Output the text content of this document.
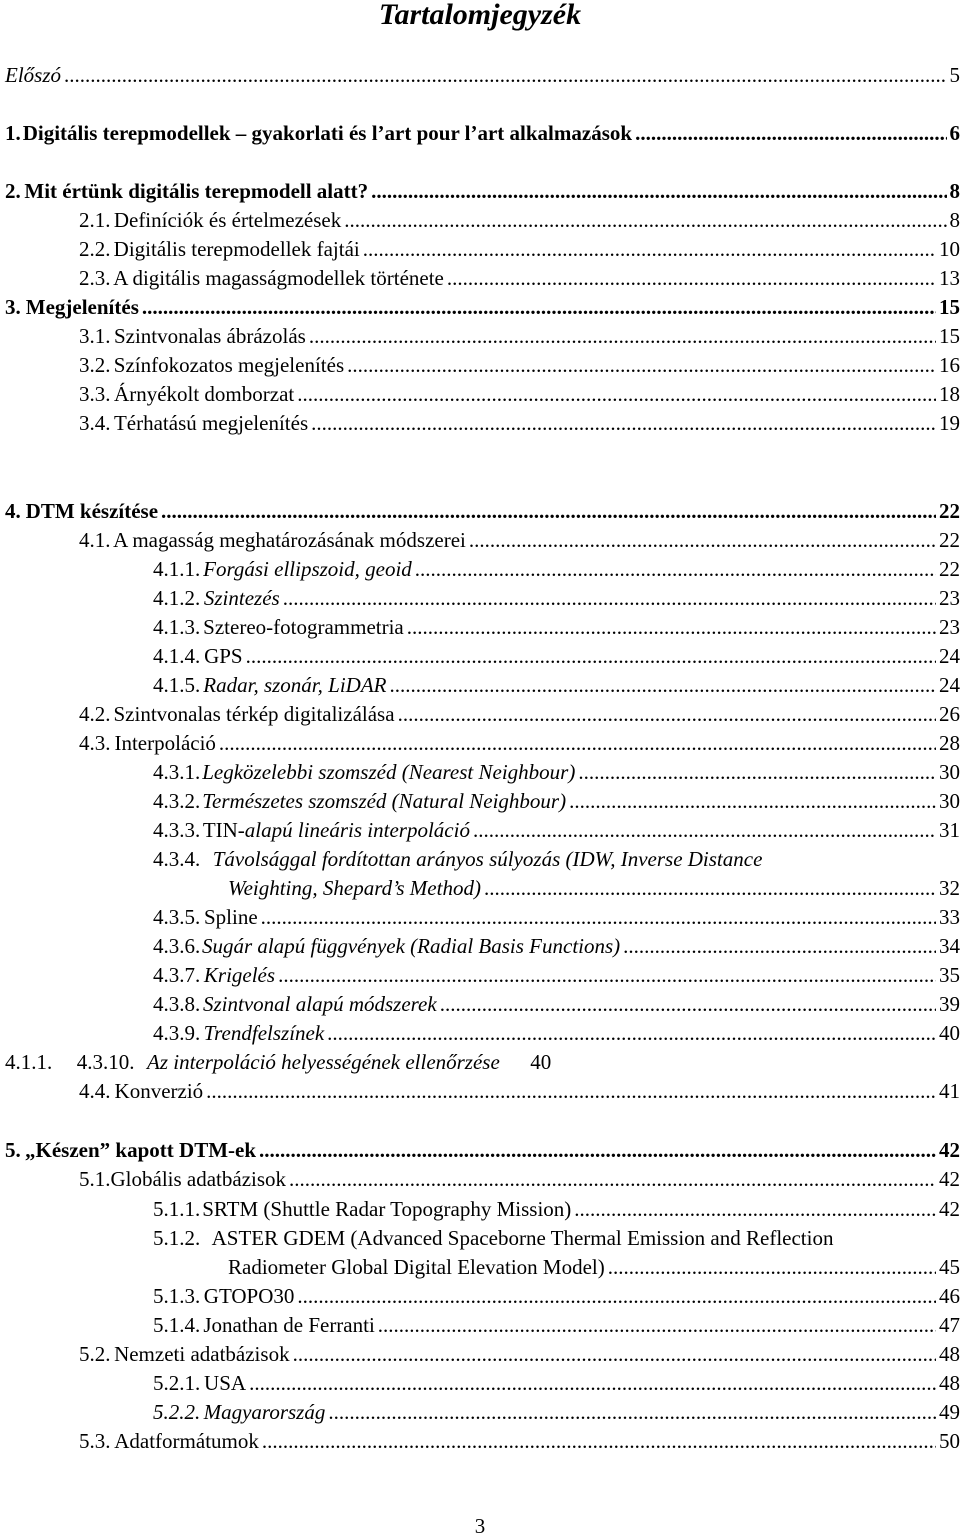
Tartalomjegyzék
Előszó .....	5
1. Digitális terepmodellek – gyakorlati és l’art pour l’art alkalmazások .....	6
2. Mit értünk digitális terepmodell alatt? .....	8
2.1. Definíciók és értelmezések .....	8
2.2. Digitális terepmodellek fajtái .....	10
2.3. A digitális magasságmodellek története .....	13
3. Megjelenítés .....	15
3.1. Szintvonalas ábrázolás .....	15
3.2. Színfokozatos megjelenítés .....	16
3.3. Árnyékolt domborzat .....	18
3.4. Térhatású megjelenítés .....	19
4. DTM készítése .....	22
4.1. A magasság meghatározásának módszerei .....	22
4.1.1. Forgási ellipszoid, geoid .....	22
4.1.2. Szintezés .....	23
4.1.3. Sztereo-fotogrammetria .....	23
4.1.4. GPS .....	24
4.1.5. Radar, szonár, LiDAR .....	24
4.2. Szintvonalas térkép digitalizálása .....	26
4.3. Interpoláció .....	28
4.3.1. Legközelebbi szomszéd (Nearest Neighbour) .....	30
4.3.2. Természetes szomszéd (Natural Neighbour) .....	30
4.3.3. TIN- alapú lineáris interpoláció .....	31
4.3.4. Távolsággal fordítottan arányos súlyozás (IDW, Inverse Distance
Weighting, Shepard’s Method) .....	32
4.3.5. Spline .....	33
4.3.6. Sugár alapú függvények (Radial Basis Functions) .....	34
4.3.7. Krigelés .....	35
4.3.8. Szintvonal alapú módszerek .....	39
4.3.9. Trendfelszínek .....	40
4.1.1. 4.3.10. Az interpoláció helyességének ellenőrzése 40
4.4. Konverzió .....	41
5. „Készen” kapott DTM-ek .....	42
5.1. Globális adatbázisok .....	42
5.1.1. SRTM (Shuttle Radar Topography Mission) .....	42
5.1.2. ASTER GDEM (Advanced Spaceborne Thermal Emission and Reflection
Radiometer Global Digital Elevation Model) .....	45
5.1.3. GTOPO30 .....	46
5.1.4. Jonathan de Ferranti .....	47
5.2. Nemzeti adatbázisok .....	48
5.2.1. USA .....	48
5.2.2. Magyarország .....	49
5.3. Adatformátumok .....	50
3
